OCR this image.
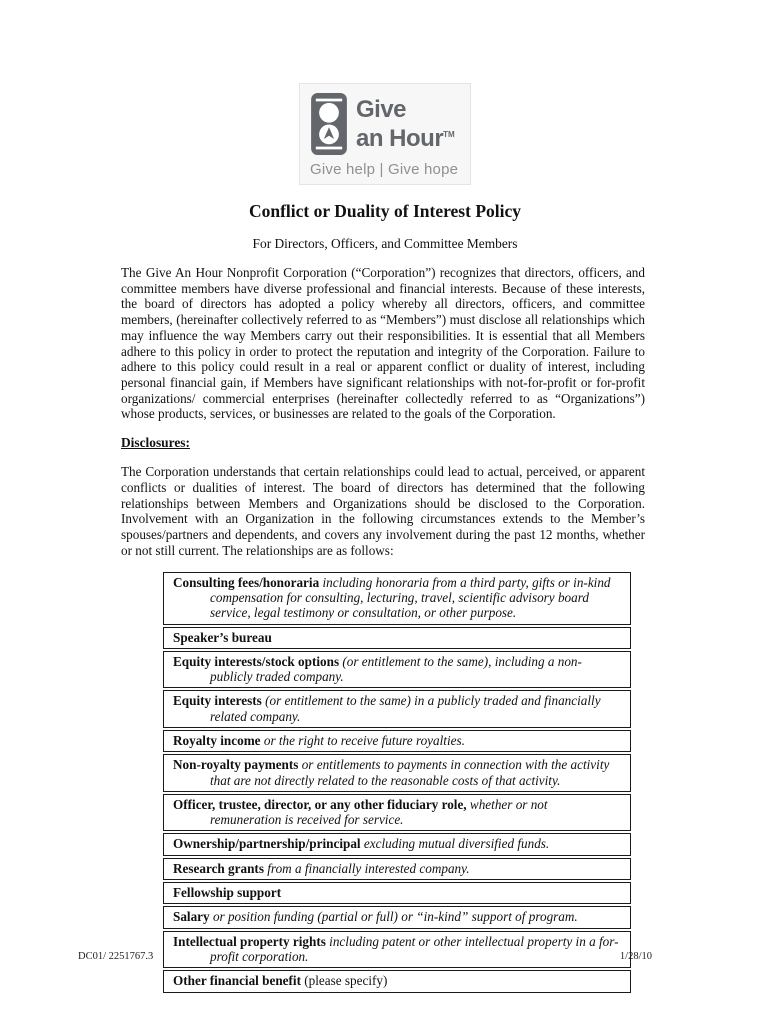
Give
an Hour™
Give help | Give hope
Conflict or Duality of Interest Policy
For Directors, Officers, and Committee Members

The Give An Hour Nonprofit Corporation (“Corporation”) recognizes that directors, officers, and committee members have diverse professional and financial interests. Because of these interests, the board of directors has adopted a policy whereby all directors, officers, and committee members, (hereinafter collectively referred to as “Members”) must disclose all relationships which may influence the way Members carry out their responsibilities. It is essential that all Members adhere to this policy in order to protect the reputation and integrity of the Corporation. Failure to adhere to this policy could result in a real or apparent conflict or duality of interest, including personal financial gain, if Members have significant relationships with not-for-profit or for-profit organizations/ commercial enterprises (hereinafter collectedly referred to as “Organizations”) whose products, services, or businesses are related to the goals of the Corporation.

Disclosures:

The Corporation understands that certain relationships could lead to actual, perceived, or apparent conflicts or dualities of interest. The board of directors has determined that the following relationships between Members and Organizations should be disclosed to the Corporation. Involvement with an Organization in the following circumstances extends to the Member’s spouses/partners and dependents, and covers any involvement during the past 12 months, whether or not still current. The relationships are as follows:

Consulting fees/honoraria including honoraria from a third party, gifts or in-kind compensation for consulting, lecturing, travel, scientific advisory board service, legal testimony or consultation, or other purpose.

Speaker’s bureau

Equity interests/stock options (or entitlement to the same), including a non-publicly traded company.

Equity interests (or entitlement to the same) in a publicly traded and financially related company.

Royalty income or the right to receive future royalties.

Non-royalty payments or entitlements to payments in connection with the activity that are not directly related to the reasonable costs of that activity.

Officer, trustee, director, or any other fiduciary role, whether or not remuneration is received for service.

Ownership/partnership/principal excluding mutual diversified funds.

Research grants from a financially interested company.

Fellowship support

Salary or position funding (partial or full) or “in-kind” support of program.

Intellectual property rights including patent or other intellectual property in a for-profit corporation.

Other financial benefit (please specify)

DC01/ 2251767.3	1/28/10
